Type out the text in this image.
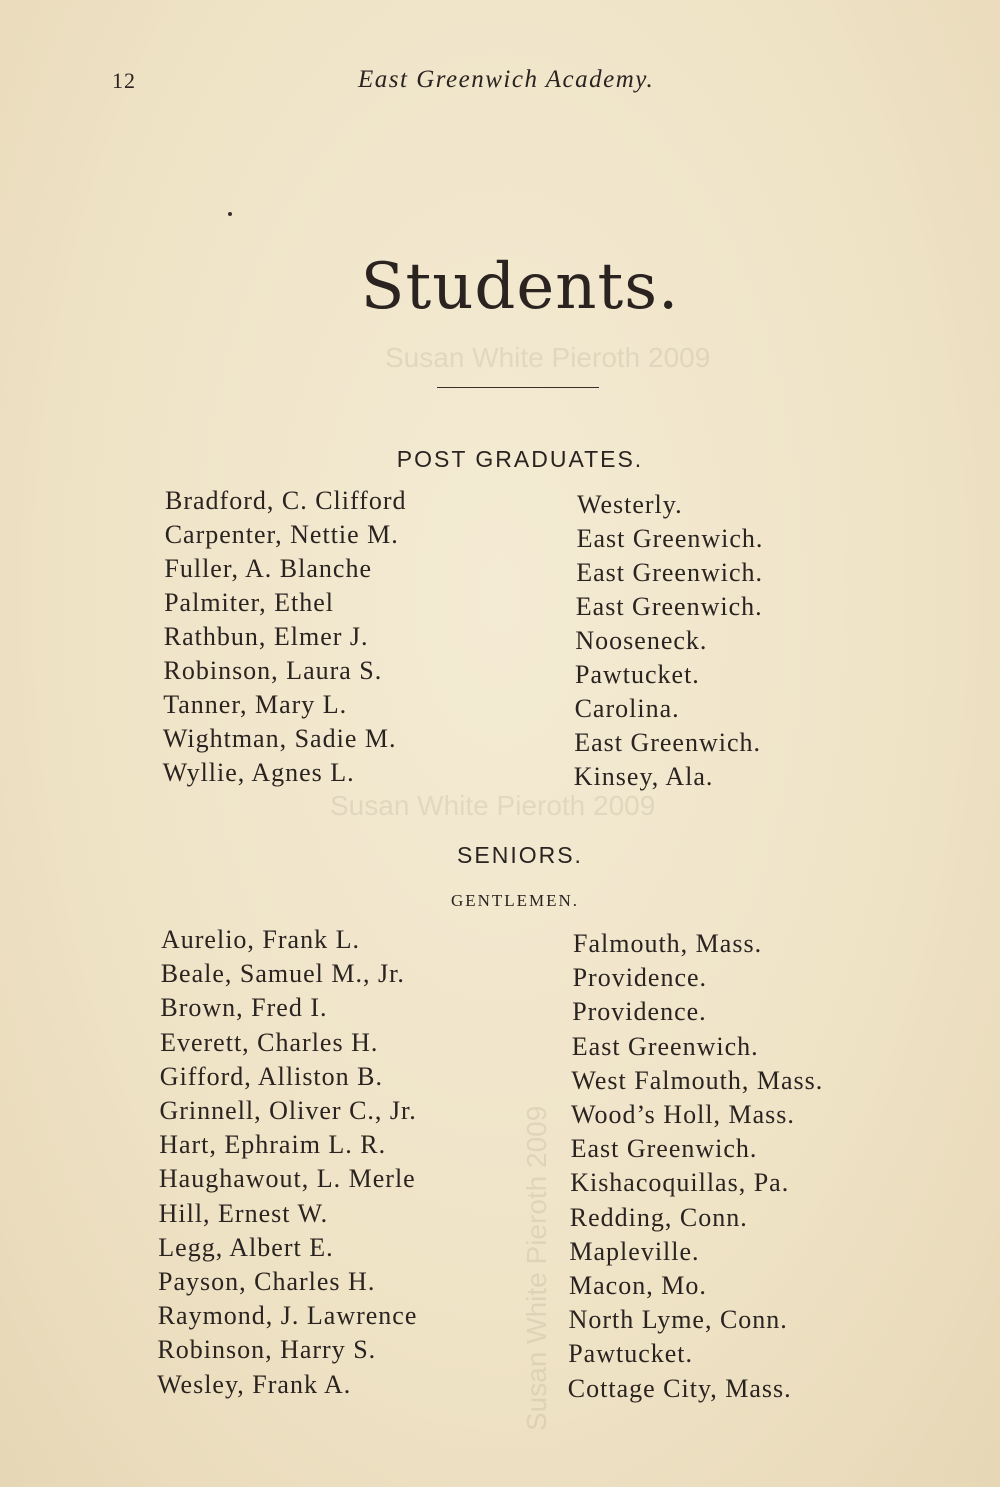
12	East Greenwich Academy.
Students.
Susan White Pieroth 2009
Susan White Pieroth 2009
Susan White Pieroth 2009
POST GRADUATES.
Bradford, C. Clifford	Westerly.
Carpenter, Nettie M.	East Greenwich.
Fuller, A. Blanche	East Greenwich.
Palmiter, Ethel	East Greenwich.
Rathbun, Elmer J.	Nooseneck.
Robinson, Laura S.	Pawtucket.
Tanner, Mary L.	Carolina.
Wightman, Sadie M.	East Greenwich.
Wyllie, Agnes L.	Kinsey, Ala.
SENIORS.
GENTLEMEN.
Aurelio, Frank L.	Falmouth, Mass.
Beale, Samuel M., Jr.	Providence.
Brown, Fred I.	Providence.
Everett, Charles H.	East Greenwich.
Gifford, Alliston B.	West Falmouth, Mass.
Grinnell, Oliver C., Jr.	Wood’s Holl, Mass.
Hart, Ephraim L. R.	East Greenwich.
Haughawout, L. Merle	Kishacoquillas, Pa.
Hill, Ernest W.	Redding, Conn.
Legg, Albert E.	Mapleville.
Payson, Charles H.	Macon, Mo.
Raymond, J. Lawrence	North Lyme, Conn.
Robinson, Harry S.	Pawtucket.
Wesley, Frank A.	Cottage City, Mass.
